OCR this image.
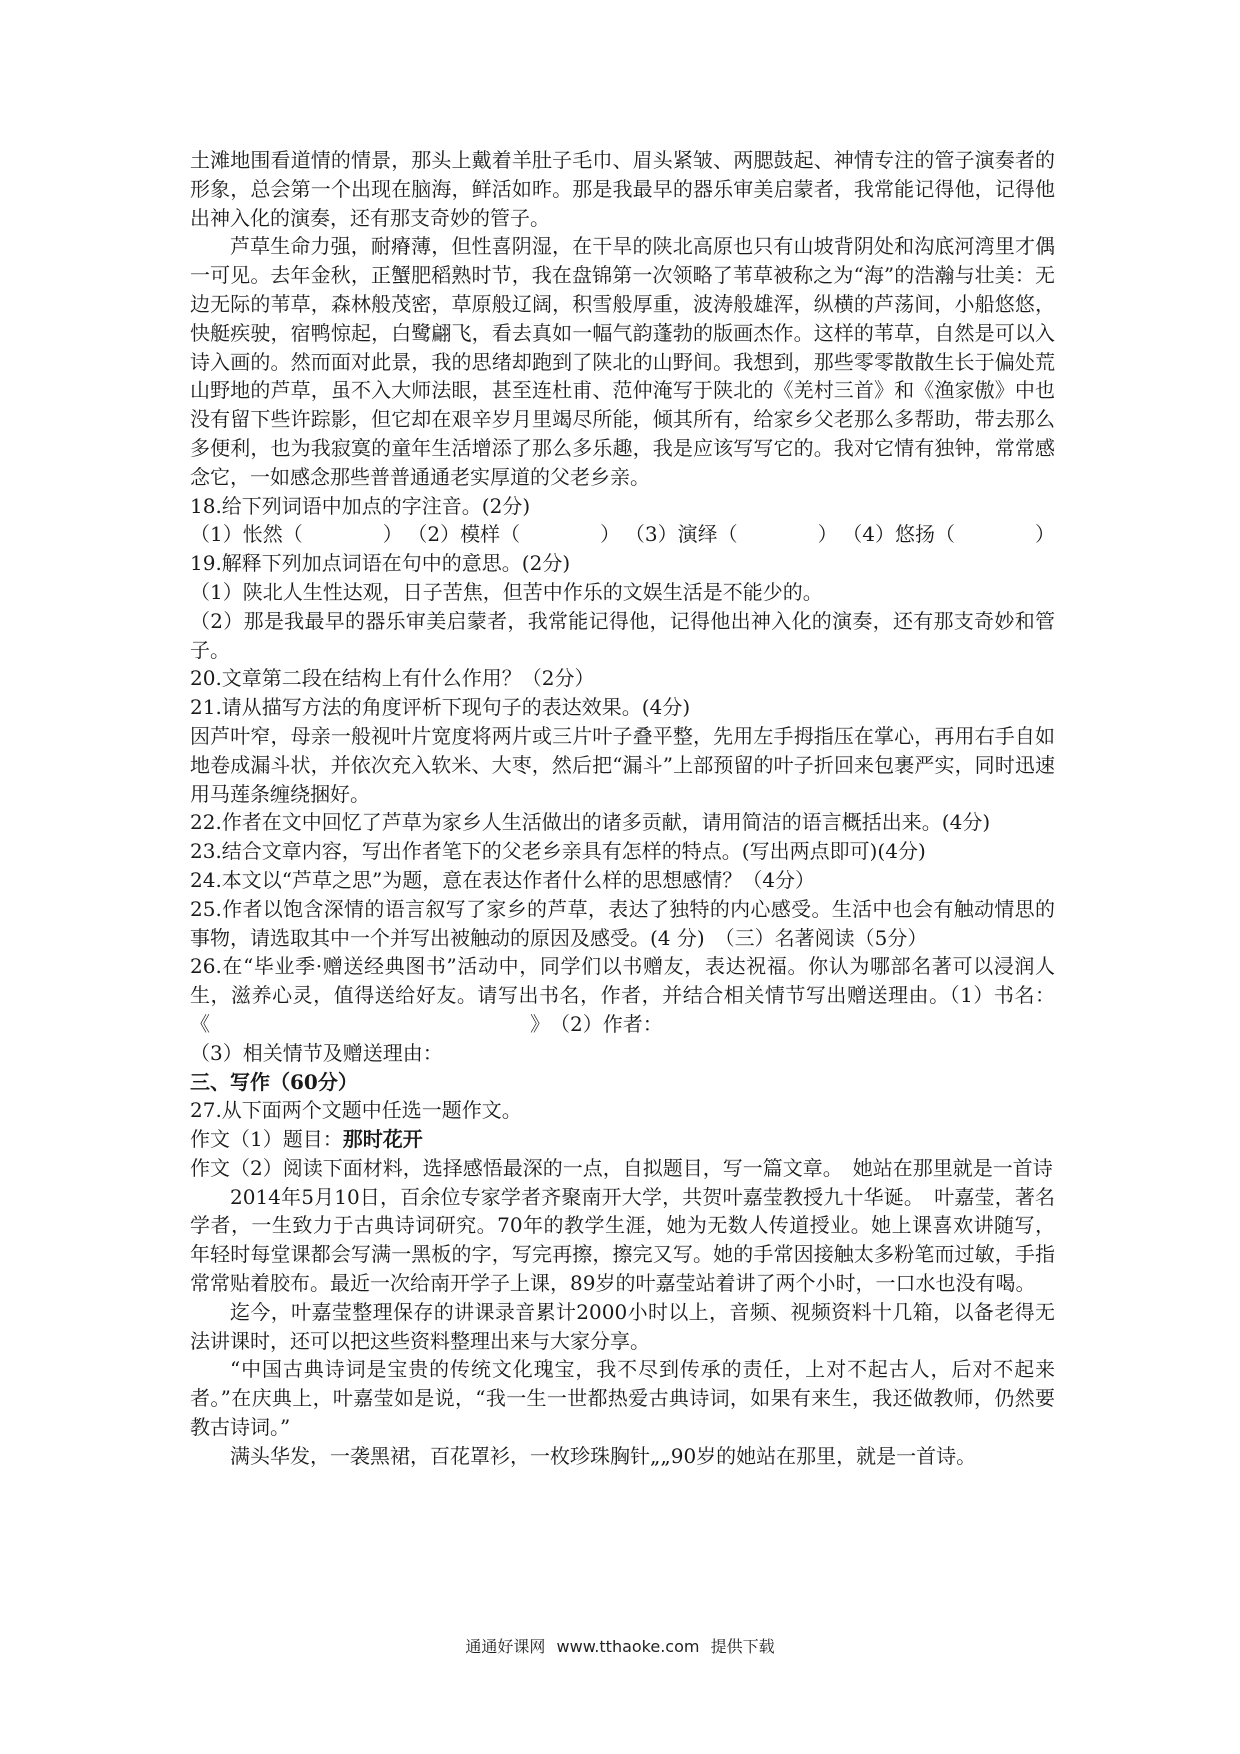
土滩地围看道情的情景，那头上戴着羊肚子毛巾、眉头紧皱、两腮鼓起、神情专注的管子演奏者的形象，总会第一个出现在脑海，鲜活如昨。那是我最早的器乐审美启蒙者，我常能记得他，记得他出神入化的演奏，还有那支奇妙的管子。

芦草生命力强，耐瘠薄，但性喜阴湿，在干旱的陕北高原也只有山坡背阴处和沟底河湾里才偶一可见。去年金秋，正蟹肥稻熟时节，我在盘锦第一次领略了苇草被称之为“海”的浩瀚与壮美：无边无际的苇草，森林般茂密，草原般辽阔，积雪般厚重，波涛般雄浑，纵横的芦荡间，小船悠悠，快艇疾驶，宿鸭惊起，白鹭翩飞，看去真如一幅气韵蓬勃的版画杰作。这样的苇草，自然是可以入诗入画的。然而面对此景，我的思绪却跑到了陕北的山野间。我想到，那些零零散散生长于偏处荒山野地的芦草，虽不入大师法眼，甚至连杜甫、范仲淹写于陕北的《羌村三首》和《渔家傲》中也没有留下些许踪影，但它却在艰辛岁月里竭尽所能，倾其所有，给家乡父老那么多帮助，带去那么多便利，也为我寂寞的童年生活增添了那么多乐趣，我是应该写写它的。我对它情有独钟，常常感念它，一如感念那些普普通通老实厚道的父老乡亲。

18.给下列词语中加点的字注音。(2分)

（1）怅然（　　　　） （2）模样（　　　　） （3）演绎（　　　　） （4）悠扬（　　　　）

19.解释下列加点词语在句中的意思。(2分)

（1）陕北人生性达观，日子苦焦，但苦中作乐的文娱生活是不能少的。

（2）那是我最早的器乐审美启蒙者，我常能记得他，记得他出神入化的演奏，还有那支奇妙和管子。

20.文章第二段在结构上有什么作用？（2分）

21.请从描写方法的角度评析下现句子的表达效果。(4分)

因芦叶窄，母亲一般视叶片宽度将两片或三片叶子叠平整，先用左手拇指压在掌心，再用右手自如地卷成漏斗状，并依次充入软米、大枣，然后把“漏斗”上部预留的叶子折回来包裹严实，同时迅速用马莲条缠绕捆好。

22.作者在文中回忆了芦草为家乡人生活做出的诸多贡献，请用简洁的语言概括出来。(4分)

23.结合文章内容，写出作者笔下的父老乡亲具有怎样的特点。(写出两点即可)(4分)

24.本文以“芦草之思”为题，意在表达作者什么样的思想感情？（4分）

25.作者以饱含深情的语言叙写了家乡的芦草，表达了独特的内心感受。生活中也会有触动情思的事物，请选取其中一个并写出被触动的原因及感受。(4 分)　（三）名著阅读（5分）

26.在“毕业季·赠送经典图书”活动中，同学们以书赠友，表达祝福。你认为哪部名著可以浸润人生，滋养心灵，值得送给好友。请写出书名，作者，并结合相关情节写出赠送理由。（1）书名：《　　　　　　　　　　　　　　　　》　（2）作者：

（3）相关情节及赠送理由：

三、写作（60分）

27.从下面两个文题中任选一题作文。

作文（1）题目：那时花开

作文（2）阅读下面材料，选择感悟最深的一点，自拟题目，写一篇文章。　她站在那里就是一首诗

2014年5月10日，百余位专家学者齐聚南开大学，共贺叶嘉莹教授九十华诞。　叶嘉莹，著名学者，一生致力于古典诗词研究。70年的教学生涯，她为无数人传道授业。她上课喜欢讲随写，年轻时每堂课都会写满一黑板的字，写完再擦，擦完又写。她的手常因接触太多粉笔而过敏，手指常常贴着胶布。最近一次给南开学子上课，89岁的叶嘉莹站着讲了两个小时，一口水也没有喝。

迄今，叶嘉莹整理保存的讲课录音累计2000小时以上，音频、视频资料十几箱，以备老得无法讲课时，还可以把这些资料整理出来与大家分享。

“中国古典诗词是宝贵的传统文化瑰宝，我不尽到传承的责任，上对不起古人，后对不起来者。”在庆典上，叶嘉莹如是说，“我一生一世都热爱古典诗词，如果有来生，我还做教师，仍然要教古诗词。”

满头华发，一袭黑裙，百花罩衫，一枚珍珠胸针„„90岁的她站在那里，就是一首诗。

通通好课网 www.tthaoke.com 提供下载
